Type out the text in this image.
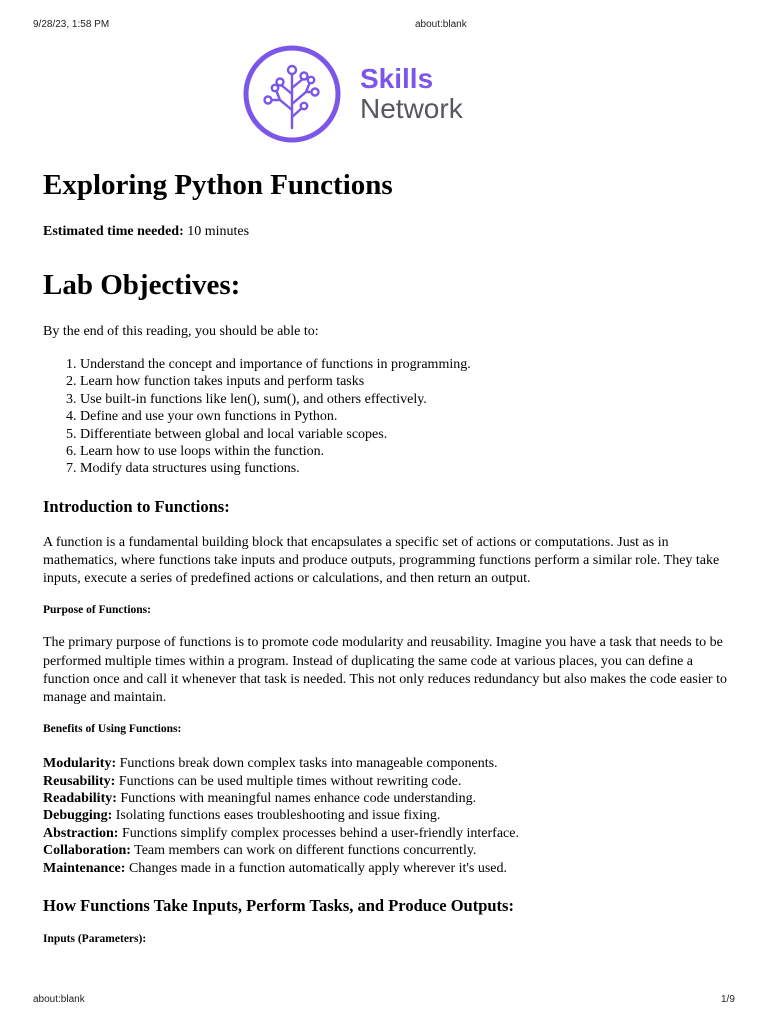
9/28/23, 1:58 PM	about:blank
Skills
Network
Exploring Python Functions

Estimated time needed: 10 minutes

Lab Objectives:

By the end of this reading, you should be able to:

1. Understand the concept and importance of functions in programming.
2. Learn how function takes inputs and perform tasks
3. Use built-in functions like len(), sum(), and others effectively.
4. Define and use your own functions in Python.
5. Differentiate between global and local variable scopes.
6. Learn how to use loops within the function.
7. Modify data structures using functions.
Introduction to Functions:

A function is a fundamental building block that encapsulates a specific set of actions or computations. Just as in mathematics, where functions take inputs and produce outputs, programming functions perform a similar role. They take inputs, execute a series of predefined actions or calculations, and then return an output.

Purpose of Functions:

The primary purpose of functions is to promote code modularity and reusability. Imagine you have a task that needs to be performed multiple times within a program. Instead of duplicating the same code at various places, you can define a function once and call it whenever that task is needed. This not only reduces redundancy but also makes the code easier to manage and maintain.

Benefits of Using Functions:
Modularity: Functions break down complex tasks into manageable components.
Reusability: Functions can be used multiple times without rewriting code.
Readability: Functions with meaningful names enhance code understanding.
Debugging: Isolating functions eases troubleshooting and issue fixing.
Abstraction: Functions simplify complex processes behind a user-friendly interface.
Collaboration: Team members can work on different functions concurrently.
Maintenance: Changes made in a function automatically apply wherever it's used.
How Functions Take Inputs, Perform Tasks, and Produce Outputs:
Inputs (Parameters):
about:blank	1/9
